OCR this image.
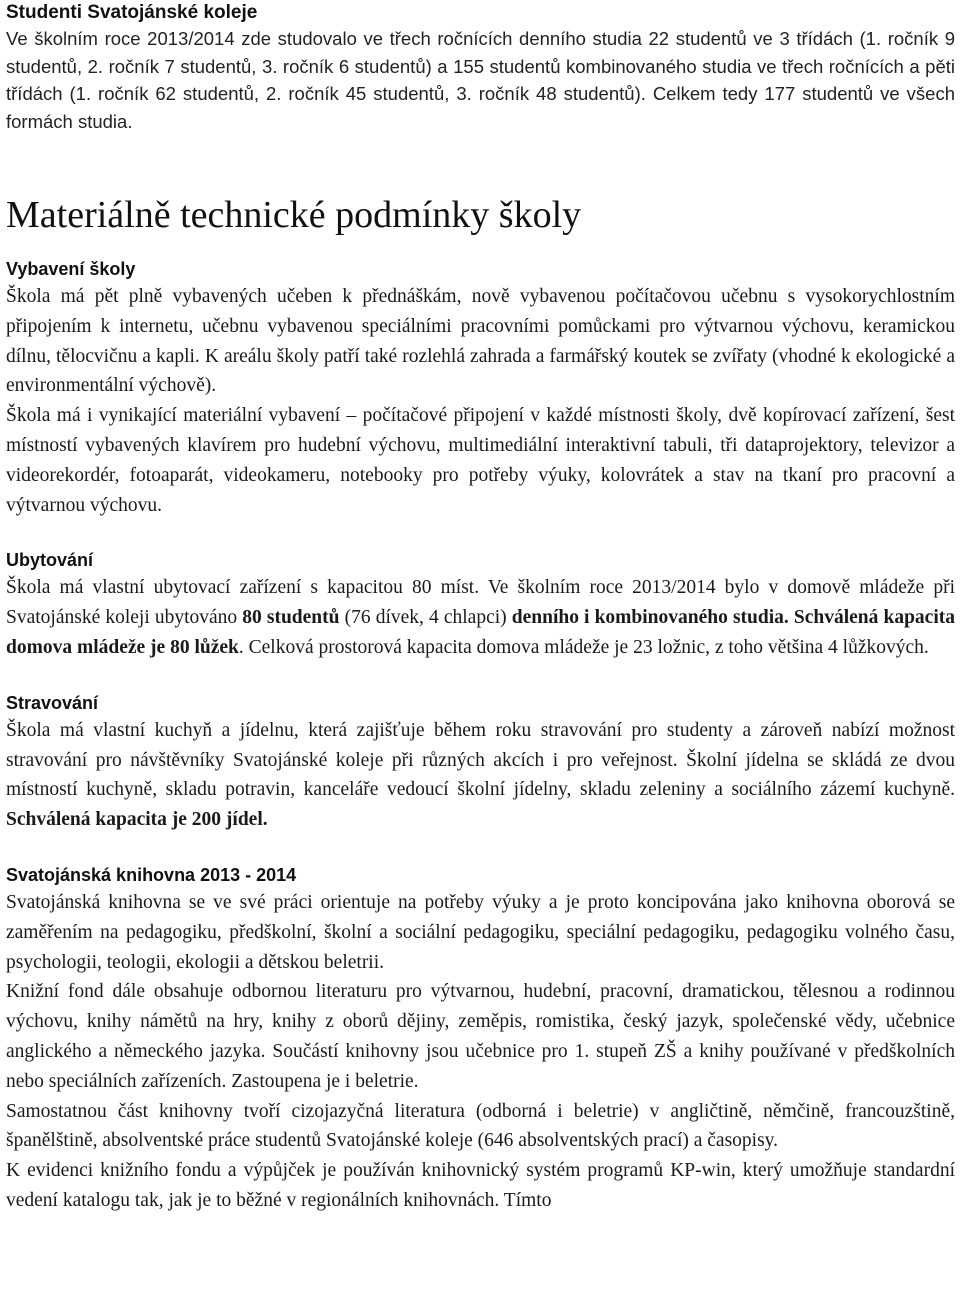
Studenti Svatojánské koleje

Ve školním roce 2013/2014 zde studovalo ve třech ročnících denního studia 22 studentů ve 3 třídách (1. ročník 9 studentů, 2. ročník 7 studentů, 3. ročník 6 studentů) a 155 studentů kombinovaného studia ve třech ročnících a pěti třídách (1. ročník 62 studentů, 2. ročník 45 studentů, 3. ročník 48 studentů). Celkem tedy 177 studentů ve všech formách studia.

Materiálně technické podmínky školy
Vybavení školy

Škola má pět plně vybavených učeben k přednáškám, nově vybavenou počítačovou učebnu s vysokorychlostním připojením k internetu, učebnu vybavenou speciálními pracovními pomůckami pro výtvarnou výchovu, keramickou dílnu, tělocvičnu a kapli. K areálu školy patří také rozlehlá zahrada a farmářský koutek se zvířaty (vhodné k ekologické a environmentální výchově).

Škola má i vynikající materiální vybavení – počítačové připojení v každé místnosti školy, dvě kopírovací zařízení, šest místností vybavených klavírem pro hudební výchovu, multimediální interaktivní tabuli, tři dataprojektory, televizor a videorekordér, fotoaparát, videokameru, notebooky pro potřeby výuky, kolovrátek a stav na tkaní pro pracovní a výtvarnou výchovu.

Ubytování

Škola má vlastní ubytovací zařízení s kapacitou 80 míst. Ve školním roce 2013/2014 bylo v domově mládeže při Svatojánské koleji ubytováno 80 studentů (76 dívek, 4 chlapci) denního i kombinovaného studia. Schválená kapacita domova mládeže je 80 lůžek. Celková prostorová kapacita domova mládeže je 23 ložnic, z toho většina 4 lůžkových.

Stravování

Škola má vlastní kuchyň a jídelnu, která zajišťuje během roku stravování pro studenty a zároveň nabízí možnost stravování pro návštěvníky Svatojánské koleje při různých akcích i pro veřejnost. Školní jídelna se skládá ze dvou místností kuchyně, skladu potravin, kanceláře vedoucí školní jídelny, skladu zeleniny a sociálního zázemí kuchyně. Schválená kapacita je 200 jídel.

Svatojánská knihovna 2013 - 2014

Svatojánská knihovna se ve své práci orientuje na potřeby výuky a je proto koncipována jako knihovna oborová se zaměřením na pedagogiku, předškolní, školní a sociální pedagogiku, speciální pedagogiku, pedagogiku volného času, psychologii, teologii, ekologii a dětskou beletrii.

Knižní fond dále obsahuje odbornou literaturu pro výtvarnou, hudební, pracovní, dramatickou, tělesnou a rodinnou výchovu, knihy námětů na hry, knihy z oborů dějiny, zeměpis, romistika, český jazyk, společenské vědy, učebnice anglického a německého jazyka. Součástí knihovny jsou učebnice pro 1. stupeň ZŠ a knihy používané v předškolních nebo speciálních zařízeních. Zastoupena je i beletrie.

Samostatnou část knihovny tvoří cizojazyčná literatura (odborná i beletrie) v angličtině, němčině, francouzštině, španělštině, absolventské práce studentů Svatojánské koleje (646 absolventských prací) a časopisy.

K evidenci knižního fondu a výpůjček je používán knihovnický systém programů KP-win, který umožňuje standardní vedení katalogu tak, jak je to běžné v regionálních knihovnách. Tímto
